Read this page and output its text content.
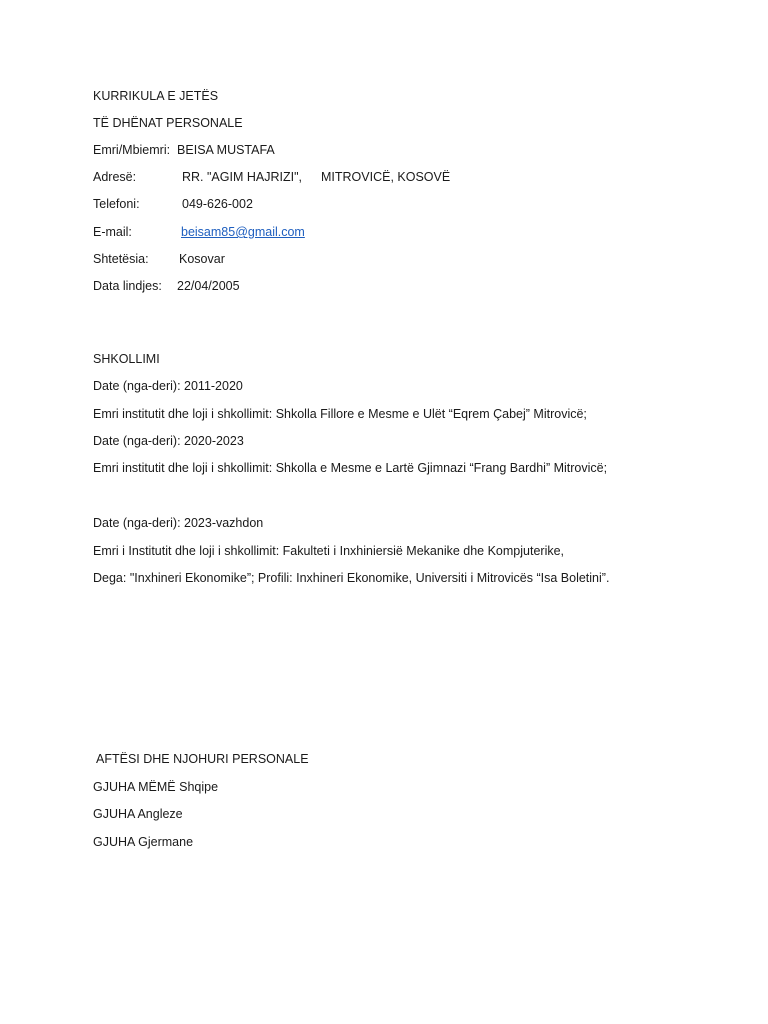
KURRIKULA E JETËS
TË DHËNAT PERSONALE
Emri/Mbiemri: BEISA MUSTAFA
Adresë:	RR. "AGIM HAJRIZI", MITROVICË, KOSOVË
Telefoni:	049-626-002
E-mail:	beisam85@gmail.com
Shtetësia: Kosovar
Data lindjes: 22/04/2005
SHKOLLIMI
Date (nga-deri): 2011-2020
Emri institutit dhe loji i shkollimit: Shkolla Fillore e Mesme e Ulët “Eqrem Çabej” Mitrovicë;
Date (nga-deri): 2020-2023
Emri institutit dhe loji i shkollimit: Shkolla e Mesme e Lartë Gjimnazi “Frang Bardhi” Mitrovicë;
Date (nga-deri): 2023-vazhdon
Emri i Institutit dhe loji i shkollimit: Fakulteti i Inxhiniersië Mekanike dhe Kompjuterike,
Dega: "Inxhineri Ekonomike”; Profili: Inxhineri Ekonomike, Universiti i Mitrovicës “Isa Boletini”.
AFTËSI DHE NJOHURI PERSONALE
GJUHA MËMË Shqipe
GJUHA Angleze
GJUHA Gjermane
